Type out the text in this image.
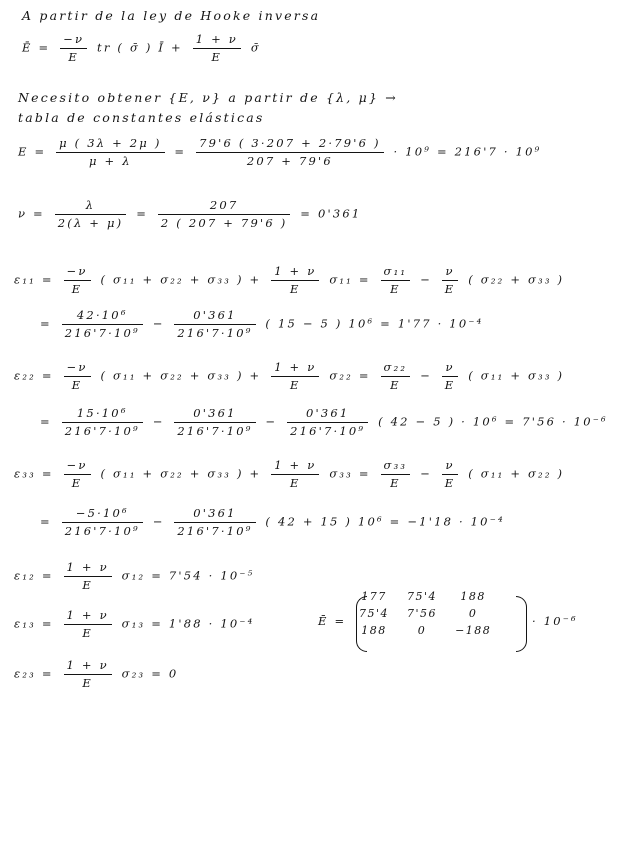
A partir de la ley de Hooke inversa
Ē = $\frac{-\nu}{E}$ tr ( σ̄ ) Ī + $\frac{1 + \nu}{E}$ σ̄
Necesito obtener {E, ν} a partir de {λ, μ} →
tabla de constantes elásticas
$E = \frac{\mu ( 3\lambda + 2\mu )}{\mu + \lambda} = \frac{79'6 ( 3\cdot 207 + 2\cdot 79'6 )}{207 + 79'6} \cdot 10^9 = 216'7 \cdot 10^9$
$\nu = \frac{\lambda}{2(\lambda + \mu)} = \frac{207}{2 ( 207 + 79'6 )} = 0'361$
$\varepsilon_{11} = \frac{-\nu}{E}$ ( σ₁₁ + σ₂₂ + σ₃₃ ) + $\frac{1 + \nu}{E} \sigma_{11} = \frac{\text{σ₁₁}}{E} - \frac{\nu}{E}$ ( σ₂₂ + σ₃₃ )
= $\frac{\text{42·10⁶}}{\text{216'7·10⁹}} - \frac{0'361}{\text{216'7·10⁹}}$ ( 15 − 5 ) 10⁶ = 1'77 · 10⁻⁴
$\varepsilon_{22} = \frac{-\nu}{E}$ ( σ₁₁ + σ₂₂ + σ₃₃ ) + $\frac{1 + \nu}{E} \sigma_{22} = \frac{\text{σ₂₂}}{E} - \frac{\nu}{E}$ ( σ₁₁ + σ₃₃ )
= $\frac{\text{15·10⁶}}{\text{216'7·10⁹}} - \frac{0'361}{\text{216'7·10⁹}} - \frac{0'361}{\text{216'7·10⁹}}$ ( 42 − 5 ) · 10⁶ = 7'56 · 10⁻⁶
$\varepsilon_{33} = \frac{-\nu}{E}$ ( σ₁₁ + σ₂₂ + σ₃₃ ) + $\frac{1 + \nu}{E} \sigma_{33} = \frac{\text{σ₃₃}}{E} - \frac{\nu}{E}$ ( σ₁₁ + σ₂₂ )
= $\frac{\text{−5·10⁶}}{\text{216'7·10⁹}} - \frac{0'361}{\text{216'7·10⁹}}$ ( 42 + 15 ) 10⁶ = −1'18 · 10⁻⁴
$\varepsilon_{12} = \frac{1 + \nu}{E} \sigma_{12} = 7'54 \cdot 10^{-5}$
$\varepsilon_{13} = \frac{1 + \nu}{E} \sigma_{13} = 1'88 \cdot 10^{-4}$
$\varepsilon_{23} = \frac{1 + \nu}{E} \sigma_{23} = 0$
Ē =
177	75'4	188
75'4	7'56	0
188	0	−188
· 10⁻⁶
